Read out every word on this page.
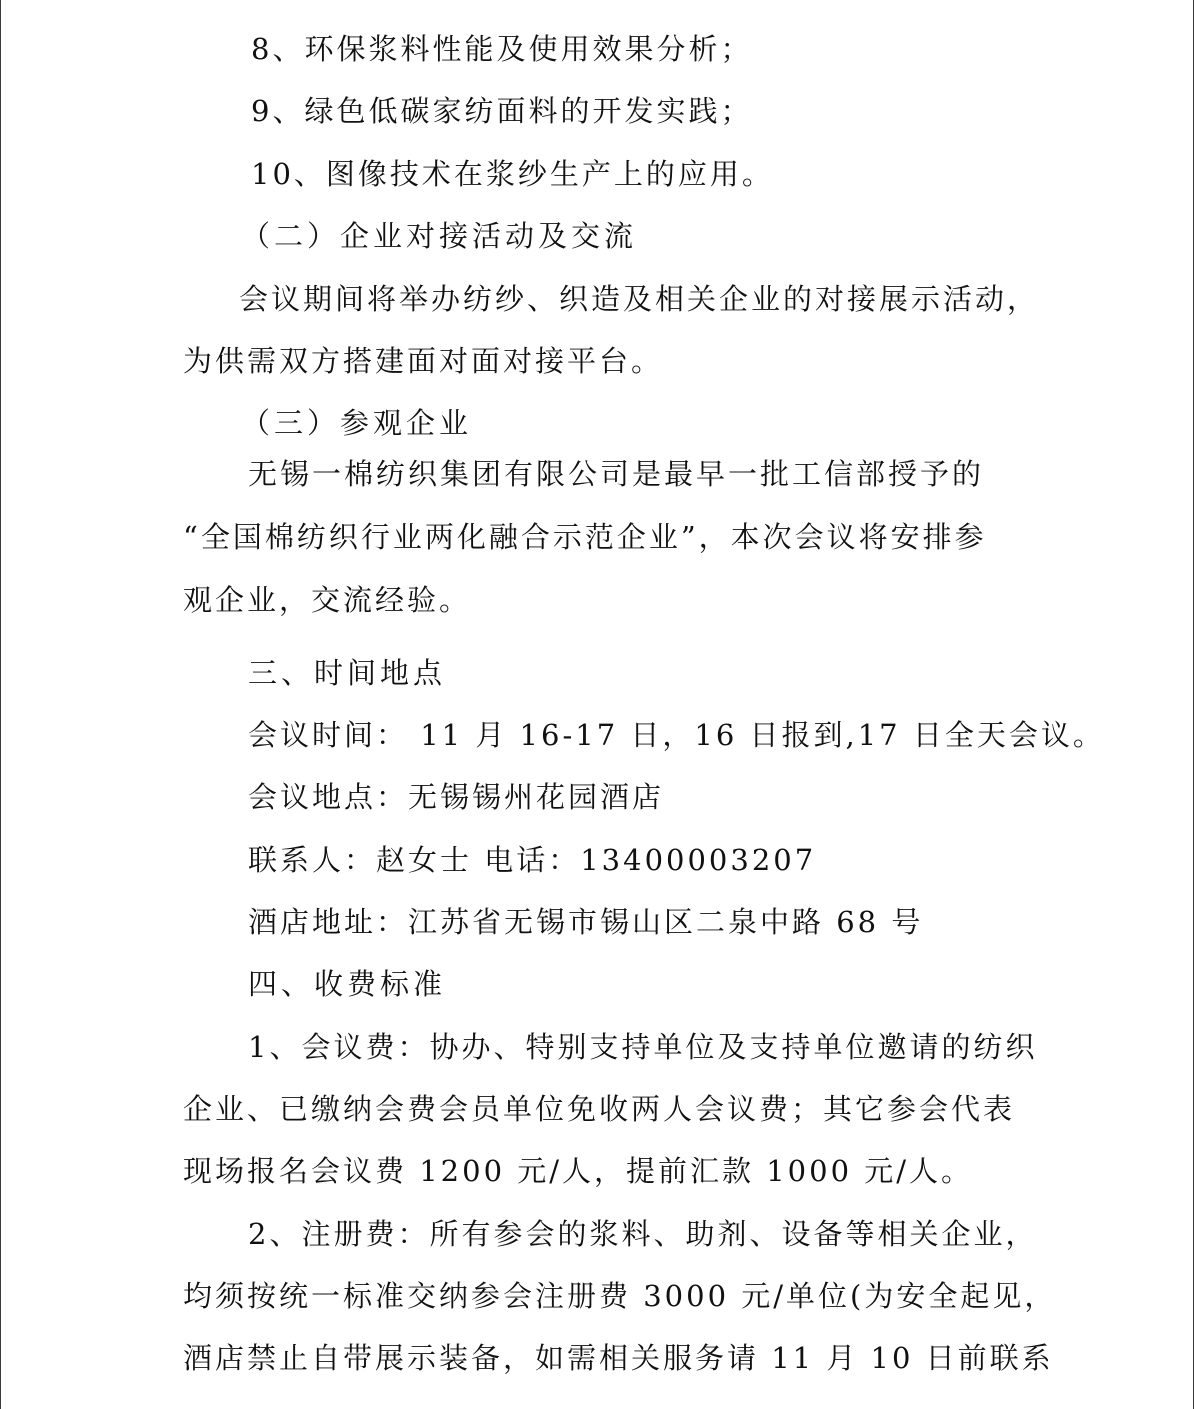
8、环保浆料性能及使用效果分析；
9、绿色低碳家纺面料的开发实践；
10、图像技术在浆纱生产上的应用。
（二）企业对接活动及交流
会议期间将举办纺纱、织造及相关企业的对接展示活动，
为供需双方搭建面对面对接平台。
（三）参观企业
无锡一棉纺织集团有限公司是最早一批工信部授予的
“全国棉纺织行业两化融合示范企业”，本次会议将安排参
观企业，交流经验。
三、时间地点
会议时间： 11 月 16-17 日，16 日报到,17 日全天会议。
会议地点：无锡锡州花园酒店
联系人：赵女士 电话：13400003207
酒店地址：江苏省无锡市锡山区二泉中路 68 号
四、收费标准
1、会议费：协办、特别支持单位及支持单位邀请的纺织
企业、已缴纳会费会员单位免收两人会议费；其它参会代表
现场报名会议费 1200 元/人，提前汇款 1000 元/人。
2、注册费：所有参会的浆料、助剂、设备等相关企业，
均须按统一标准交纳参会注册费 3000 元/单位(为安全起见，
酒店禁止自带展示装备，如需相关服务请 11 月 10 日前联系
